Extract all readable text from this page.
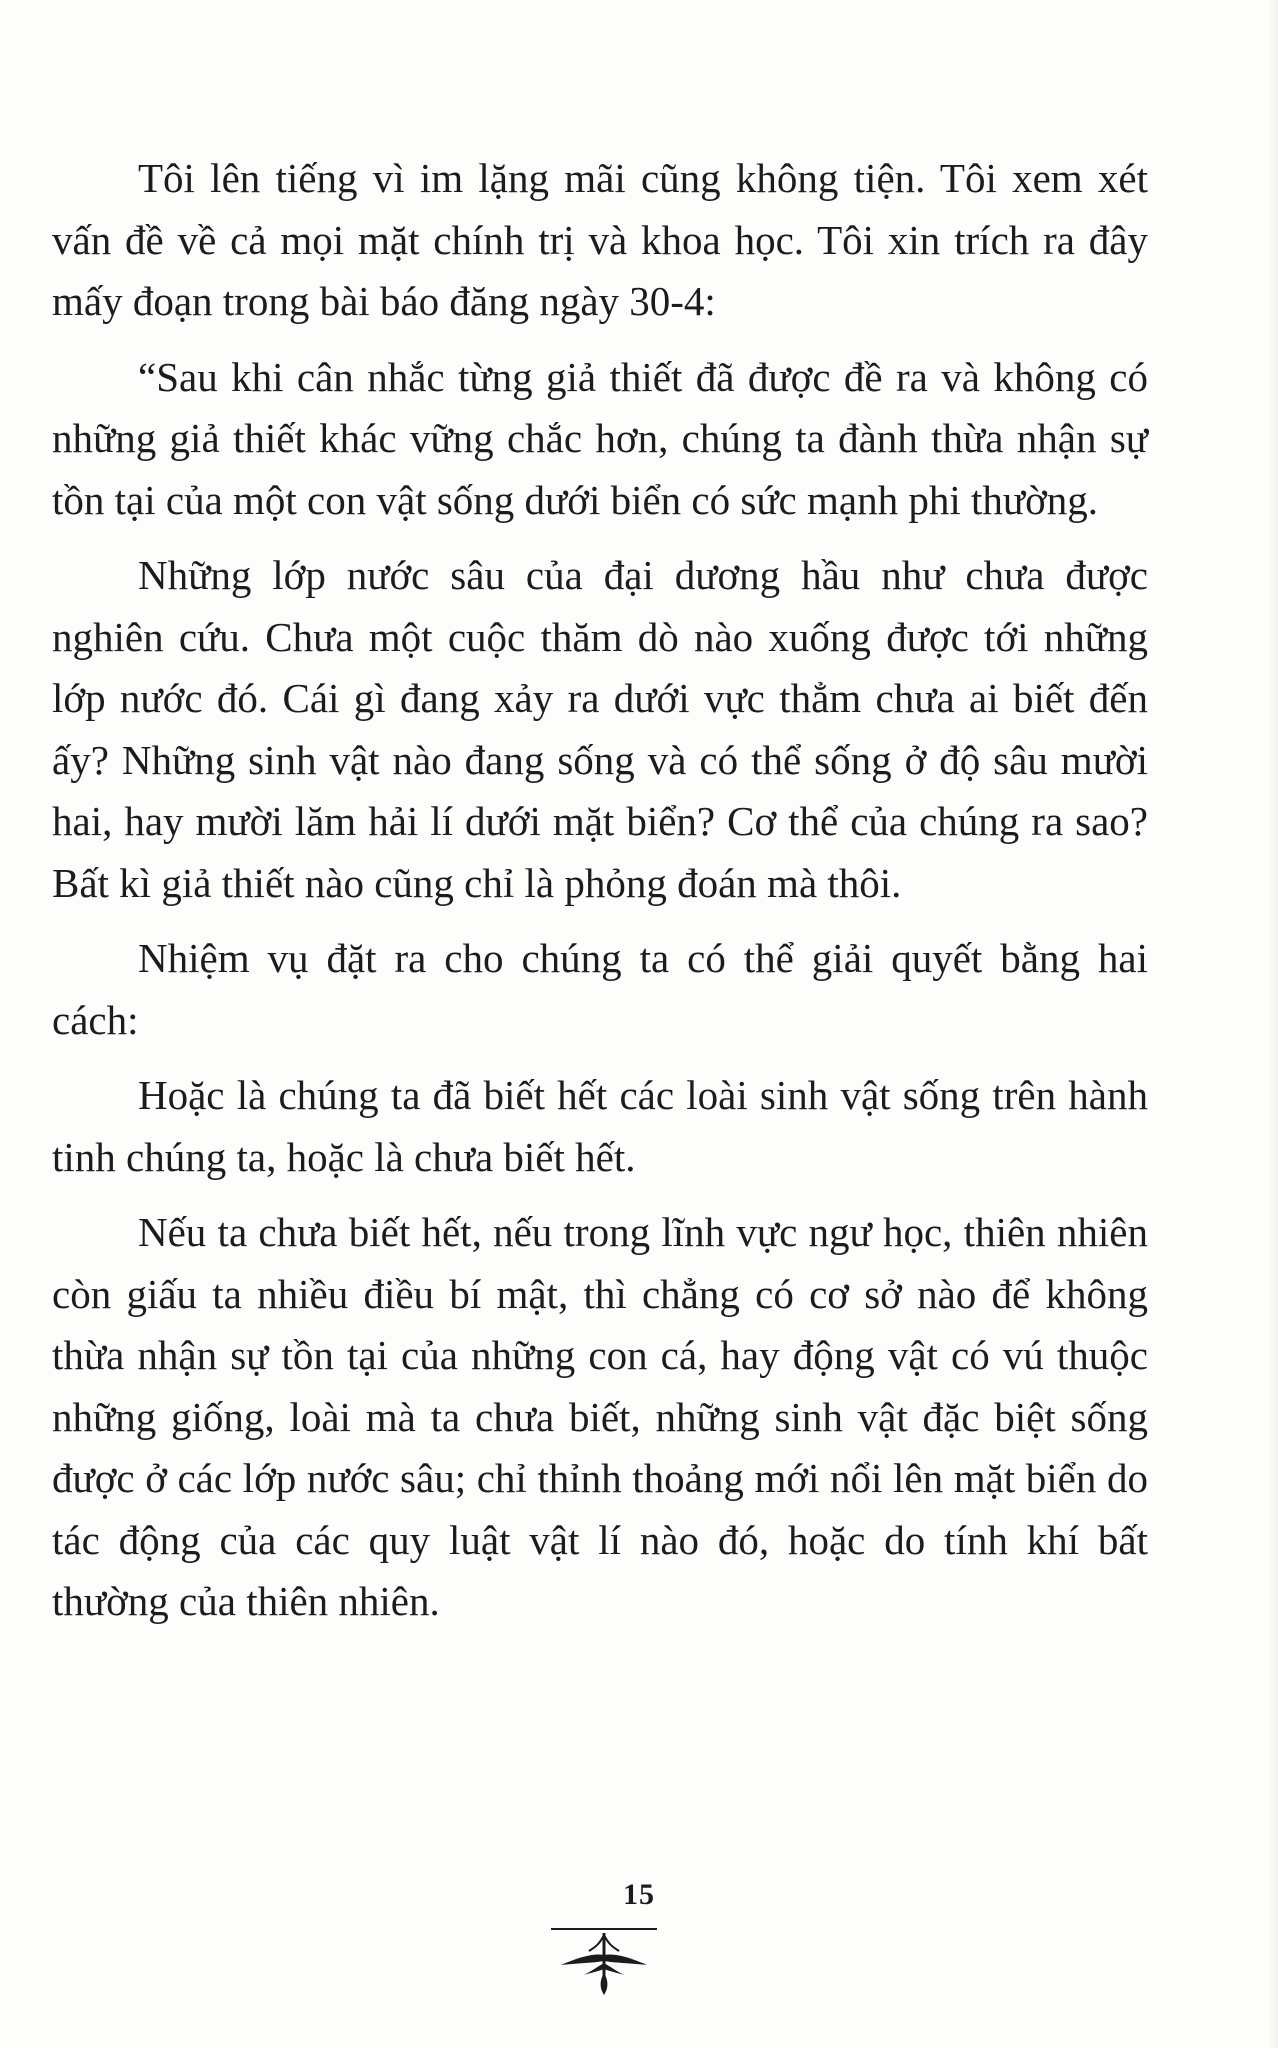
Tôi lên tiếng vì im lặng mãi cũng không tiện. Tôi xem xét vấn đề về cả mọi mặt chính trị và khoa học. Tôi xin trích ra đây mấy đoạn trong bài báo đăng ngày 30-4:

“Sau khi cân nhắc từng giả thiết đã được đề ra và không có những giả thiết khác vững chắc hơn, chúng ta đành thừa nhận sự tồn tại của một con vật sống dưới biển có sức mạnh phi thường.

Những lớp nước sâu của đại dương hầu như chưa được nghiên cứu. Chưa một cuộc thăm dò nào xuống được tới những lớp nước đó. Cái gì đang xảy ra dưới vực thẳm chưa ai biết đến ấy? Những sinh vật nào đang sống và có thể sống ở độ sâu mười hai, hay mười lăm hải lí dưới mặt biển? Cơ thể của chúng ra sao? Bất kì giả thiết nào cũng chỉ là phỏng đoán mà thôi.

Nhiệm vụ đặt ra cho chúng ta có thể giải quyết bằng hai cách:

Hoặc là chúng ta đã biết hết các loài sinh vật sống trên hành tinh chúng ta, hoặc là chưa biết hết.

Nếu ta chưa biết hết, nếu trong lĩnh vực ngư học, thiên nhiên còn giấu ta nhiều điều bí mật, thì chẳng có cơ sở nào để không thừa nhận sự tồn tại của những con cá, hay động vật có vú thuộc những giống, loài mà ta chưa biết, những sinh vật đặc biệt sống được ở các lớp nước sâu; chỉ thỉnh thoảng mới nổi lên mặt biển do tác động của các quy luật vật lí nào đó, hoặc do tính khí bất thường của thiên nhiên.

15
